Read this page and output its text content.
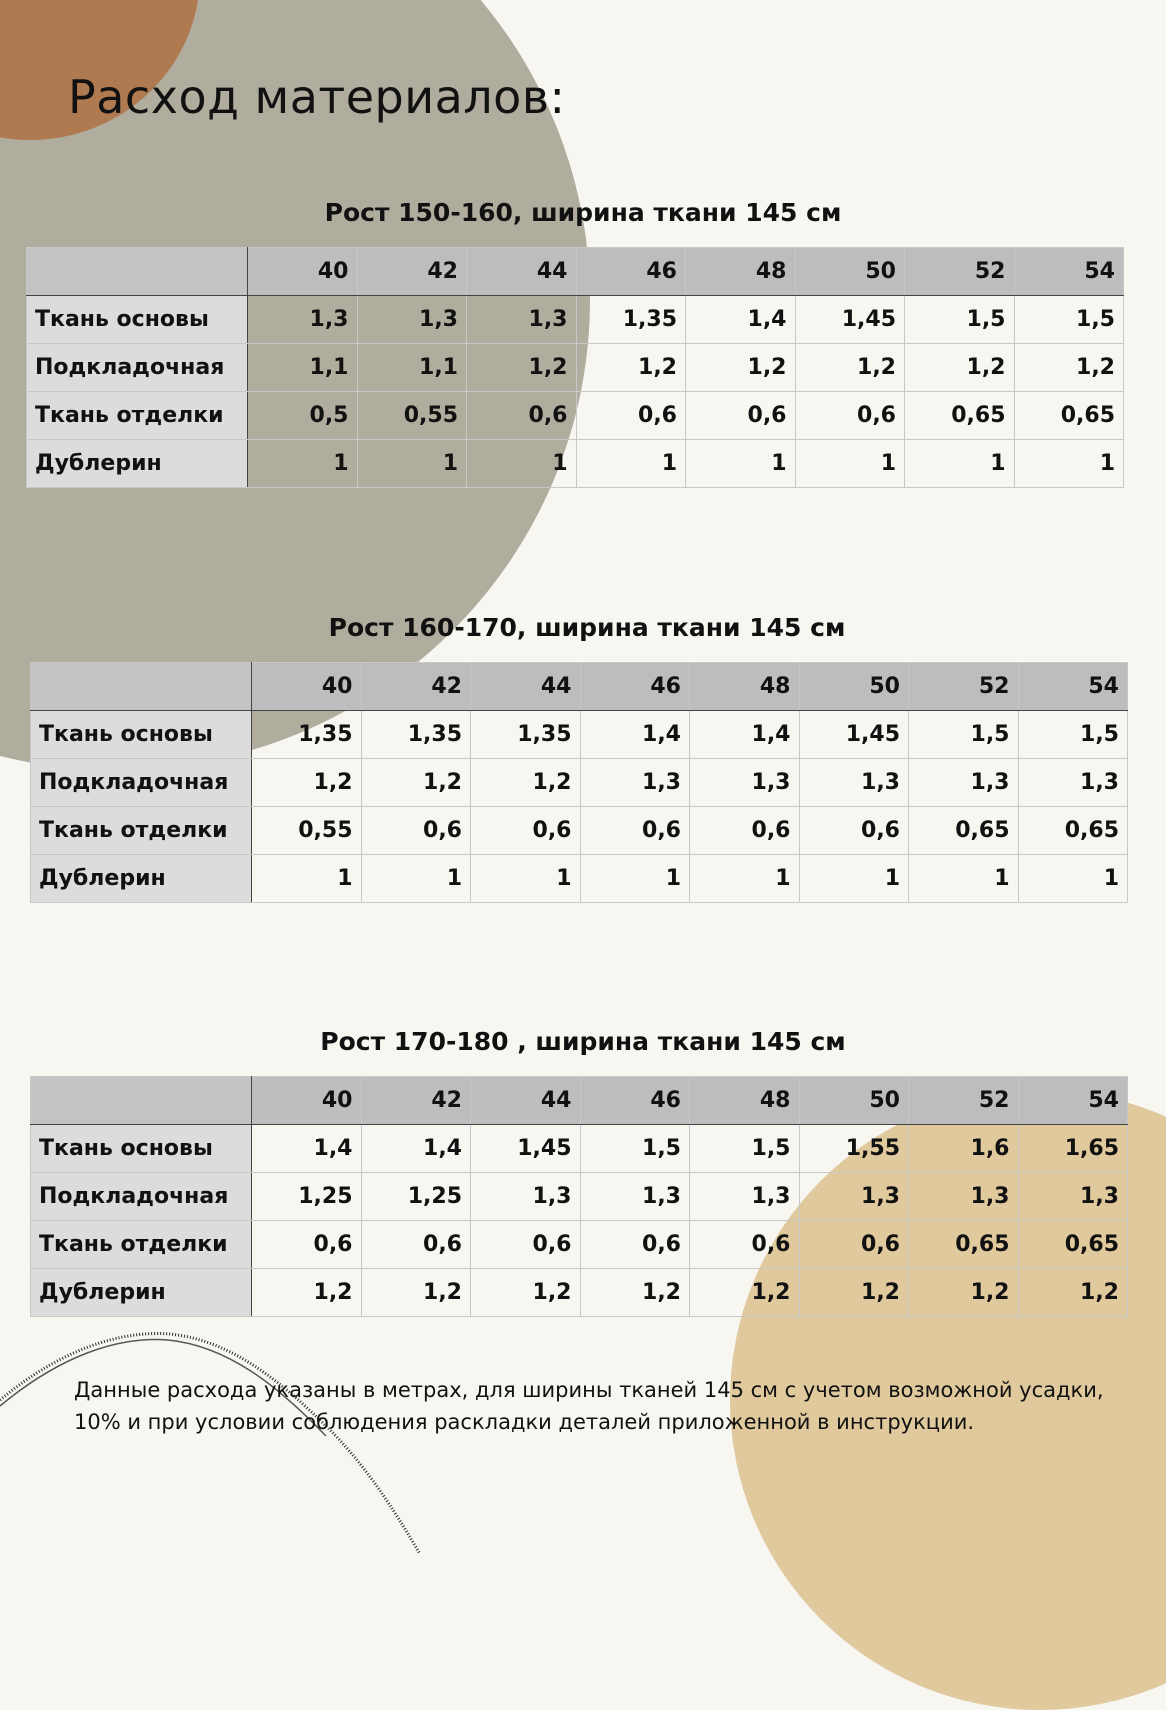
Расход материалов:
Рост 150-160, ширина ткани 145 см
	40	42	44	46	48	50	52	54
Ткань основы	1,3	1,3	1,3	1,35	1,4	1,45	1,5	1,5
Подкладочная	1,1	1,1	1,2	1,2	1,2	1,2	1,2	1,2
Ткань отделки	0,5	0,55	0,6	0,6	0,6	0,6	0,65	0,65
Дублерин	1	1	1	1	1	1	1	1
Рост 160-170, ширина ткани 145 см
	40	42	44	46	48	50	52	54
Ткань основы	1,35	1,35	1,35	1,4	1,4	1,45	1,5	1,5
Подкладочная	1,2	1,2	1,2	1,3	1,3	1,3	1,3	1,3
Ткань отделки	0,55	0,6	0,6	0,6	0,6	0,6	0,65	0,65
Дублерин	1	1	1	1	1	1	1	1
Рост 170-180 , ширина ткани 145 см
	40	42	44	46	48	50	52	54
Ткань основы	1,4	1,4	1,45	1,5	1,5	1,55	1,6	1,65
Подкладочная	1,25	1,25	1,3	1,3	1,3	1,3	1,3	1,3
Ткань отделки	0,6	0,6	0,6	0,6	0,6	0,6	0,65	0,65
Дублерин	1,2	1,2	1,2	1,2	1,2	1,2	1,2	1,2

Данные расхода указаны в метрах, для ширины тканей 145 см с учетом возможной усадки, 10% и при условии соблюдения раскладки деталей приложенной в инструкции.
